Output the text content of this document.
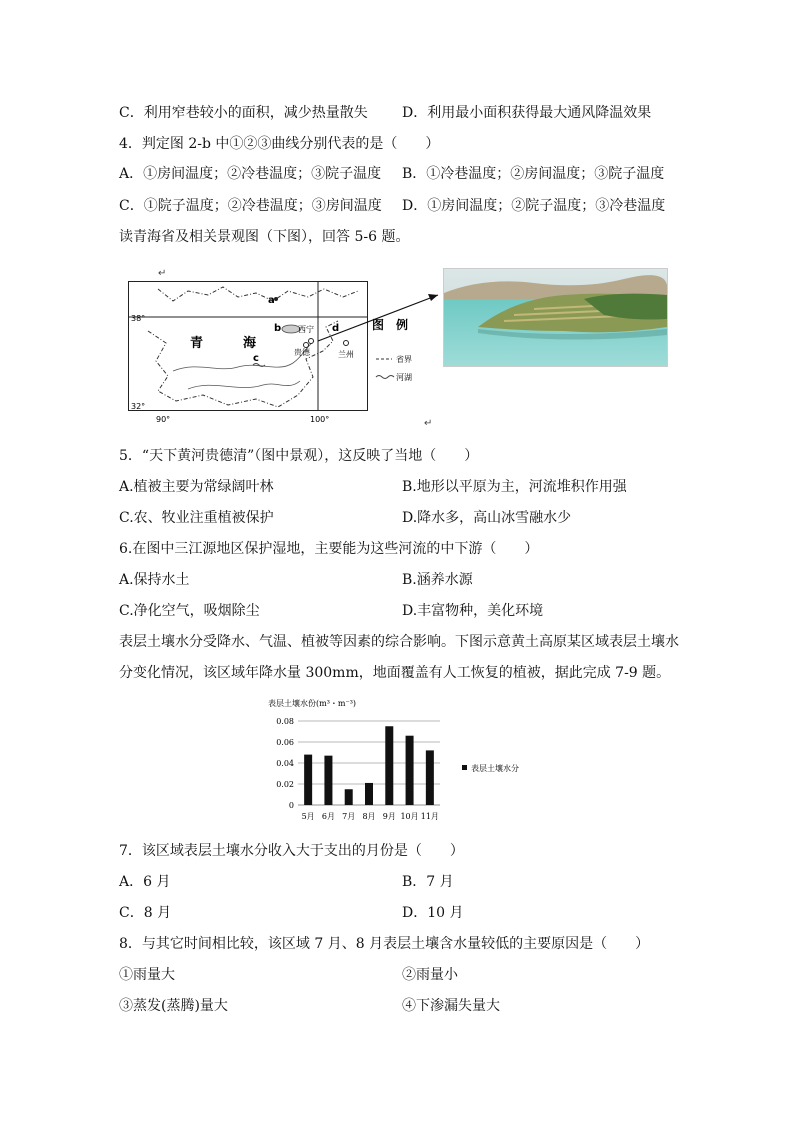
C．利用窄巷较小的面积，减少热量散失 D．利用最小面积获得最大通风降温效果
4．判定图 2-b 中①②③曲线分别代表的是（　　）
A．①房间温度；②冷巷温度；③院子温度 B．①冷巷温度；②房间温度；③院子温度
C．①院子温度；②冷巷温度；③房间温度 D．①房间温度；②院子温度；③冷巷温度
读青海省及相关景观图（下图），回答 5-6 题。
↵
a
b
c
d
西宁
贵德	兰州
青	海
38°
32°
90°	100°
图　例
省界
河湖
↵
5．“天下黄河贵德清”（图中景观），这反映了当地（　　）
A.植被主要为常绿阔叶林	B.地形以平原为主，河流堆积作用强
C.农、牧业注重植被保护	D.降水多，高山冰雪融水少
6.在图中三江源地区保护湿地，主要能为这些河流的中下游（　　）
A.保持水土	B.涵养水源
C.净化空气，吸烟除尘	D.丰富物种，美化环境
表层土壤水分受降水、气温、植被等因素的综合影响。下图示意黄土高原某区域表层土壤水
分变化情况，该区域年降水量 300mm，地面覆盖有人工恢复的植被，据此完成 7-9 题。
表层土壤水份(m³・m⁻³)
0
0.02
0.04
0.06
0.08
5月 6月 7月 8月 9月 10月 11月
表层土壤水分
7．该区域表层土壤水分收入大于支出的月份是（　　）
A．6 月	B．7 月
C．8 月	D．10 月
8．与其它时间相比较，该区域 7 月、8 月表层土壤含水量较低的主要原因是（　　）
①雨量大	②雨量小
③蒸发(蒸腾)量大	④下渗漏失量大
